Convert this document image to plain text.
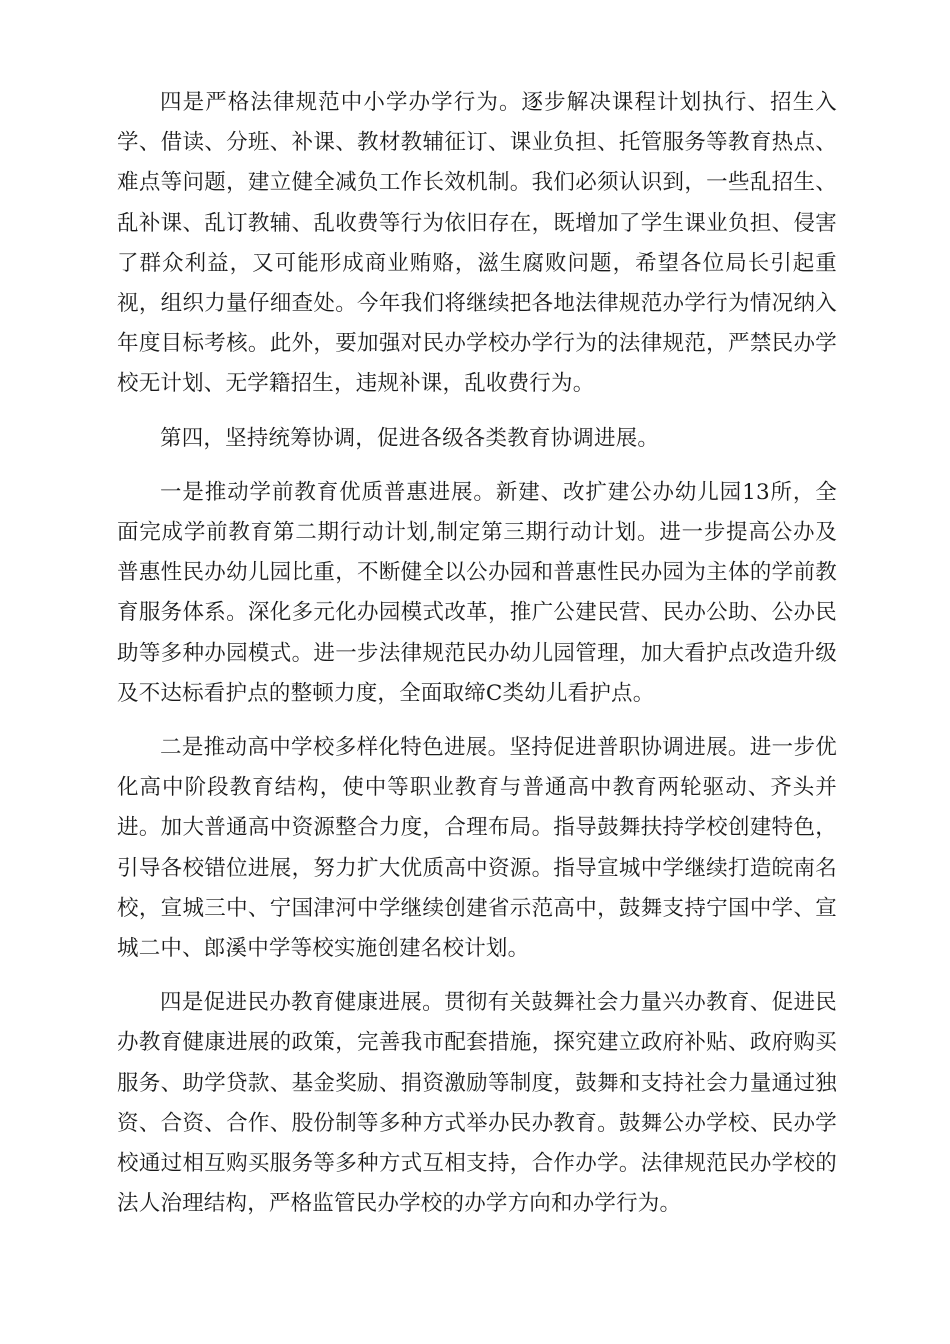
四是严格法律规范中小学办学行为。逐步解决课程计划执行、招生入学、借读、分班、补课、教材教辅征订、课业负担、托管服务等教育热点、难点等问题，建立健全减负工作长效机制。我们必须认识到，一些乱招生、乱补课、乱订教辅、乱收费等行为依旧存在，既增加了学生课业负担、侵害了群众利益，又可能形成商业贿赂，滋生腐败问题，希望各位局长引起重视，组织力量仔细查处。今年我们将继续把各地法律规范办学行为情况纳入年度目标考核。此外，要加强对民办学校办学行为的法律规范，严禁民办学校无计划、无学籍招生，违规补课，乱收费行为。

第四，坚持统筹协调，促进各级各类教育协调进展。

一是推动学前教育优质普惠进展。新建、改扩建公办幼儿园13所，全面完成学前教育第二期行动计划,制定第三期行动计划。进一步提高公办及普惠性民办幼儿园比重，不断健全以公办园和普惠性民办园为主体的学前教育服务体系。深化多元化办园模式改革，推广公建民营、民办公助、公办民助等多种办园模式。进一步法律规范民办幼儿园管理，加大看护点改造升级及不达标看护点的整顿力度，全面取缔C类幼儿看护点。

二是推动高中学校多样化特色进展。坚持促进普职协调进展。进一步优化高中阶段教育结构，使中等职业教育与普通高中教育两轮驱动、齐头并进。加大普通高中资源整合力度，合理布局。指导鼓舞扶持学校创建特色，引导各校错位进展，努力扩大优质高中资源。指导宣城中学继续打造皖南名校，宣城三中、宁国津河中学继续创建省示范高中，鼓舞支持宁国中学、宣城二中、郎溪中学等校实施创建名校计划。

四是促进民办教育健康进展。贯彻有关鼓舞社会力量兴办教育、促进民办教育健康进展的政策，完善我市配套措施，探究建立政府补贴、政府购买服务、助学贷款、基金奖励、捐资激励等制度，鼓舞和支持社会力量通过独资、合资、合作、股份制等多种方式举办民办教育。鼓舞公办学校、民办学校通过相互购买服务等多种方式互相支持，合作办学。法律规范民办学校的法人治理结构，严格监管民办学校的办学方向和办学行为。
